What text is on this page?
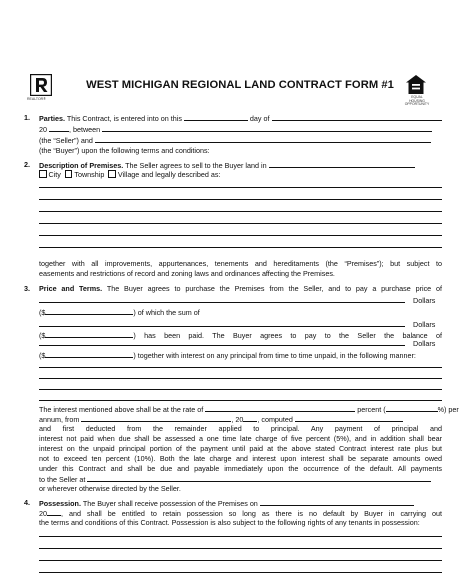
REALTOR®
WEST MICHIGAN REGIONAL LAND CONTRACT FORM #1
EQUAL HOUSING OPPORTUNITY
1. Parties. This Contract, is entered into on this	day of
20	, between
(the “Seller”) and
(the “Buyer”) upon the following terms and conditions:
2. Description of Premises. The Seller agrees to sell to the Buyer land in
City Township Village and legally described as:
together with all improvements, appurtenances, tenements and hereditaments (the “Premises”); but subject to
easements and restrictions of record and zoning laws and ordinances affecting the Premises.
3. Price and Terms. The Buyer agrees to purchase the Premises from the Seller, and to pay a purchase price of
Dollars
($	) of which the sum of
Dollars
($	) has been paid. The Buyer agrees to pay to the Seller the balance of
Dollars
($	) together with interest on any principal from time to time unpaid, in the following manner:
The interest mentioned above shall be at the rate of	percent (	%) per
annum, from	, 20 , computed
and first deducted from the remainder applied to principal. Any payment of principal and
interest not paid when due shall be assessed a one time late charge of five percent (5%), and in addition shall bear
interest on the unpaid principal portion of the payment until paid at the above stated Contract interest rate plus but
not to exceed ten percent (10%). Both the late charge and interest upon interest shall be separate amounts owed
under this Contract and shall be due and payable immediately upon the occurrence of the default. All payments
to the Seller at
or wherever otherwise directed by the Seller.
4. Possession. The Buyer shall receive possession of the Premises on
20 , and shall be entitled to retain possession so long as there is no default by Buyer in carrying out
the terms and conditions of this Contract. Possession is also subject to the following rights of any tenants in possession:
